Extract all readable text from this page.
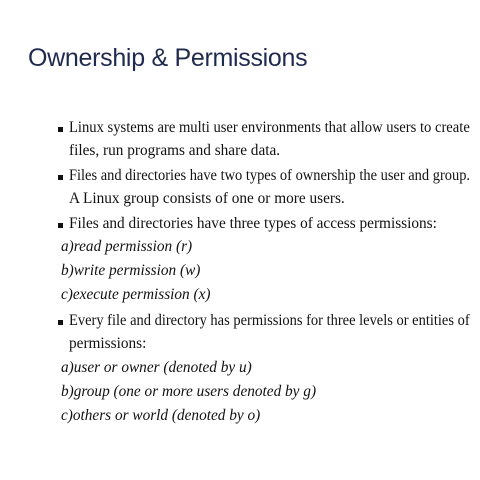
Ownership & Permissions
Linux systems are multi user environments that allow users to create
files, run programs and share data.
Files and directories have two types of ownership the user and group.
A Linux group consists of one or more users.
Files and directories have three types of access permissions:
a)read permission (r)
b)write permission (w)
c)execute permission (x)
Every file and directory has permissions for three levels or entities of
permissions:
a)user or owner (denoted by u)
b)group (one or more users denoted by g)
c)others or world (denoted by o)
